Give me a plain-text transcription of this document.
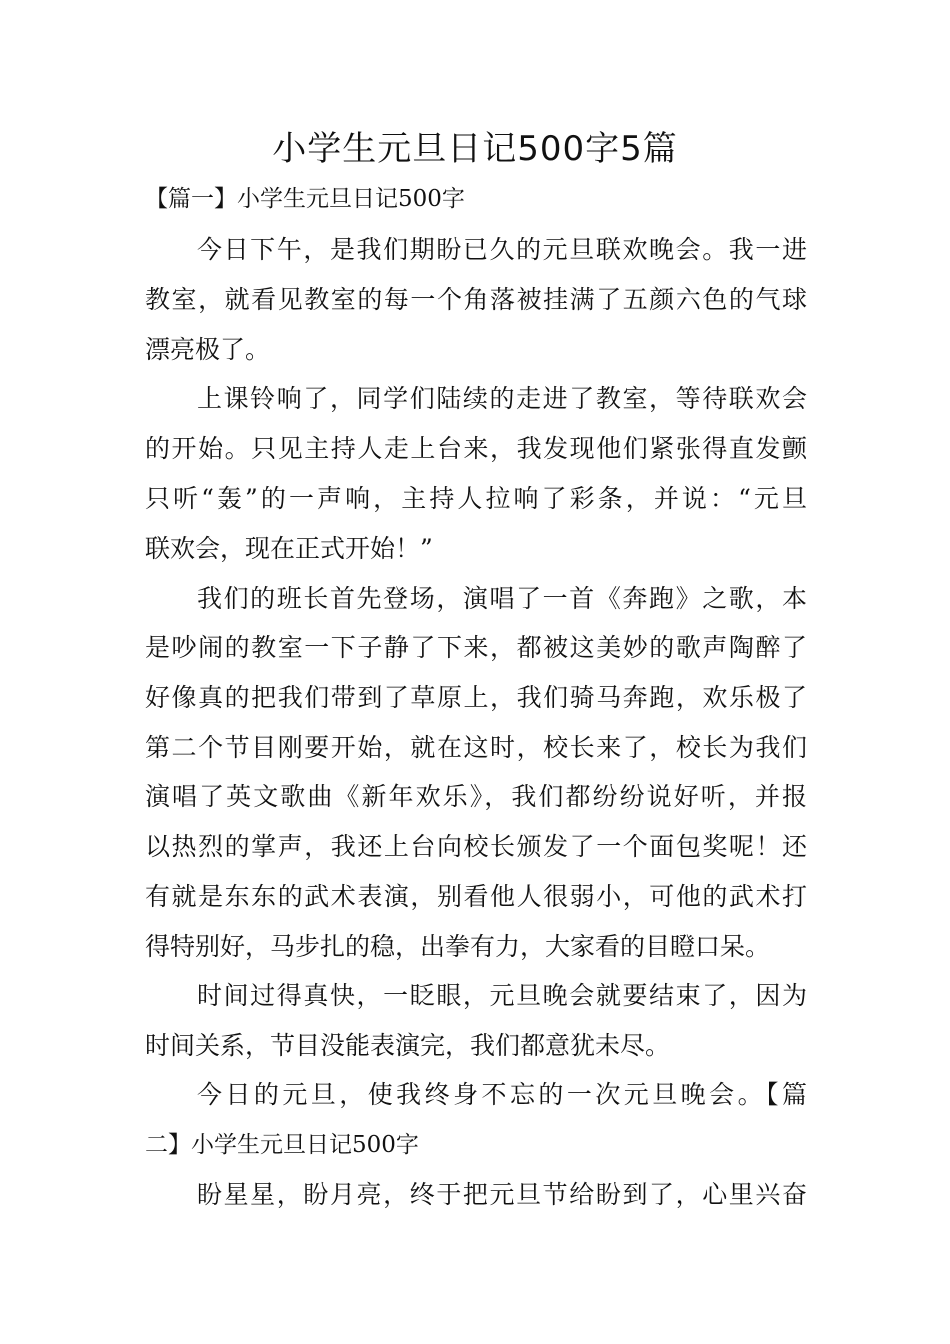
小学生元旦日记500字5篇
【篇一】小学生元旦日记500字
今日下午，是我们期盼已久的元旦联欢晚会。我一进
教室，就看见教室的每一个角落被挂满了五颜六色的气球
漂亮极了。
上课铃响了，同学们陆续的走进了教室，等待联欢会
的开始。只见主持人走上台来，我发现他们紧张得直发颤
只听“轰”的一声响，主持人拉响了彩条，并说：“元旦
联欢会，现在正式开始！”
我们的班长首先登场，演唱了一首《奔跑》之歌，本
是吵闹的教室一下子静了下来，都被这美妙的歌声陶醉了
好像真的把我们带到了草原上，我们骑马奔跑，欢乐极了
第二个节目刚要开始，就在这时，校长来了，校长为我们
演唱了英文歌曲《新年欢乐》，我们都纷纷说好听，并报
以热烈的掌声，我还上台向校长颁发了一个面包奖呢！还
有就是东东的武术表演，别看他人很弱小，可他的武术打
得特别好，马步扎的稳，出拳有力，大家看的目瞪口呆。
时间过得真快，一眨眼，元旦晚会就要结束了，因为
时间关系，节目没能表演完，我们都意犹未尽。
今日的元旦，使我终身不忘的一次元旦晚会。【篇
二】小学生元旦日记500字
盼星星，盼月亮，终于把元旦节给盼到了，心里兴奋
